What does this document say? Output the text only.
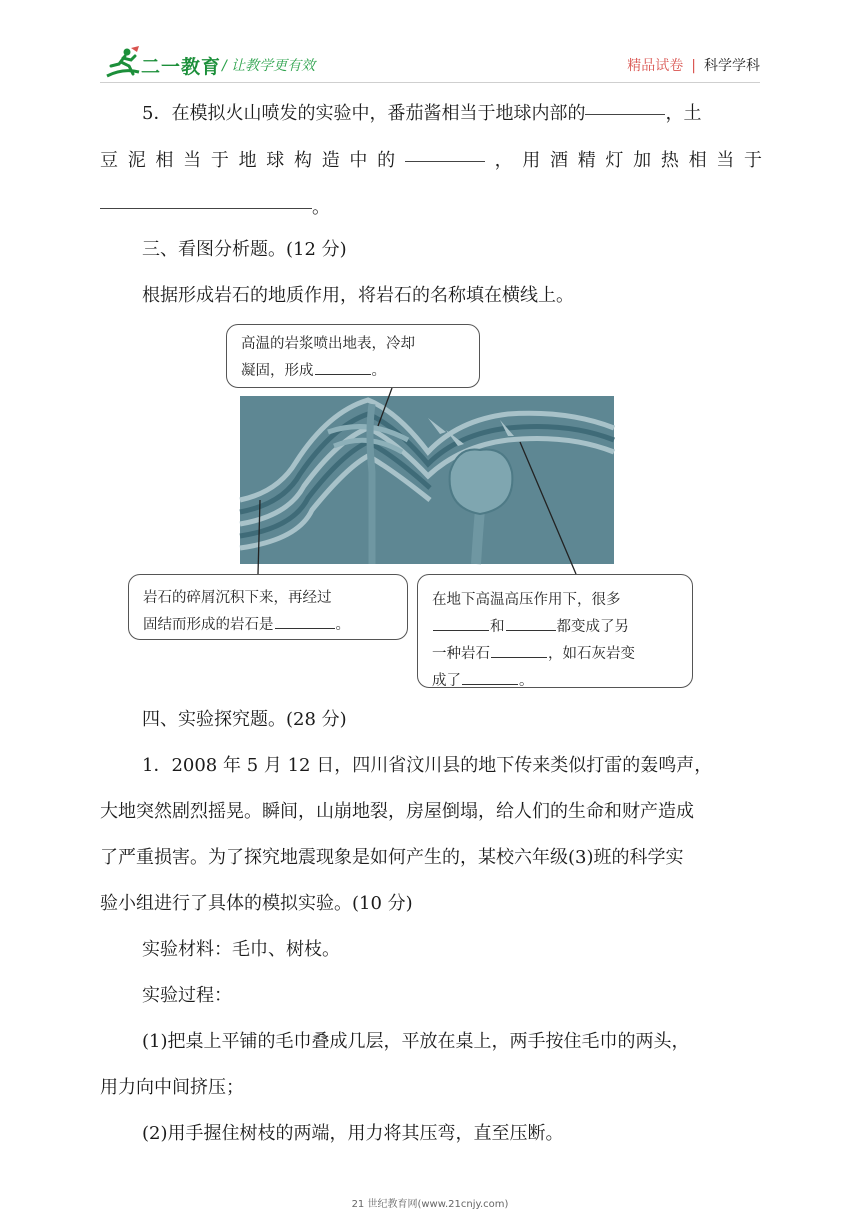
二一教育 / 让教学更有效	精品试卷 | 科学学科
5．在模拟火山喷发的实验中，番茄酱相当于地球内部的	，土
豆泥相当于地球构造中的	，用酒精灯加热相当于
。
三、看图分析题。(12 分)
根据形成岩石的地质作用，将岩石的名称填在横线上。
高温的岩浆喷出地表，冷却
凝固，形成	。
岩石的碎屑沉积下来，再经过
固结而形成的岩石是	。
在地下高温高压作用下，很多
和	都变成了另
一种岩石	，如石灰岩变
成了	。
四、实验探究题。(28 分)
1．2008 年 5 月 12 日，四川省汶川县的地下传来类似打雷的轰鸣声，
大地突然剧烈摇晃。瞬间，山崩地裂，房屋倒塌，给人们的生命和财产造成
了严重损害。为了探究地震现象是如何产生的，某校六年级(3)班的科学实
验小组进行了具体的模拟实验。(10 分)
实验材料：毛巾、树枝。
实验过程：
(1)把桌上平铺的毛巾叠成几层，平放在桌上，两手按住毛巾的两头，
用力向中间挤压；
(2)用手握住树枝的两端，用力将其压弯，直至压断。
21 世纪教育网(www.21cnjy.com)
